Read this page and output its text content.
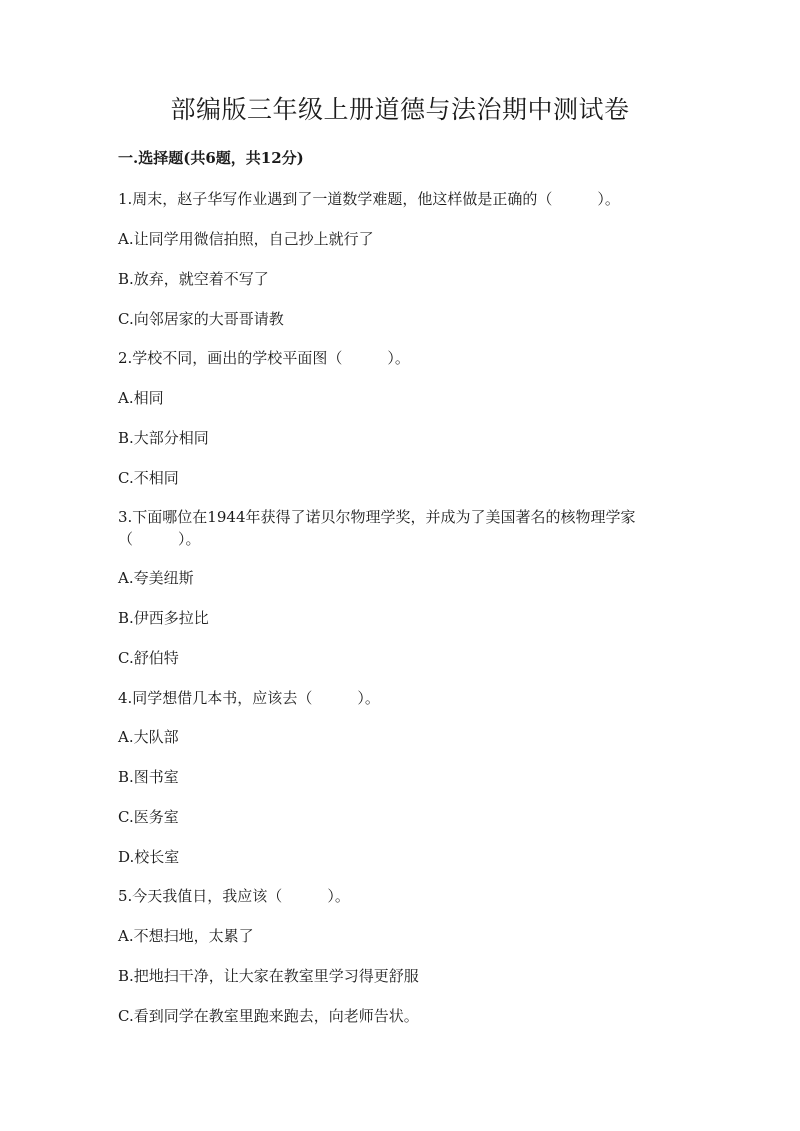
部编版三年级上册道德与法治期中测试卷
一.选择题(共6题，共12分)
1.周末，赵子华写作业遇到了一道数学难题，他这样做是正确的（　　　）。
A.让同学用微信拍照，自己抄上就行了
B.放弃，就空着不写了
C.向邻居家的大哥哥请教
2.学校不同，画出的学校平面图（　　　）。
A.相同
B.大部分相同
C.不相同
3.下面哪位在1944年获得了诺贝尔物理学奖，并成为了美国著名的核物理学家（　　　）。
A.夸美纽斯
B.伊西多拉比
C.舒伯特
4.同学想借几本书，应该去（　　　）。
A.大队部
B.图书室
C.医务室
D.校长室
5.今天我值日，我应该（　　　）。
A.不想扫地，太累了
B.把地扫干净，让大家在教室里学习得更舒服
C.看到同学在教室里跑来跑去，向老师告状。
